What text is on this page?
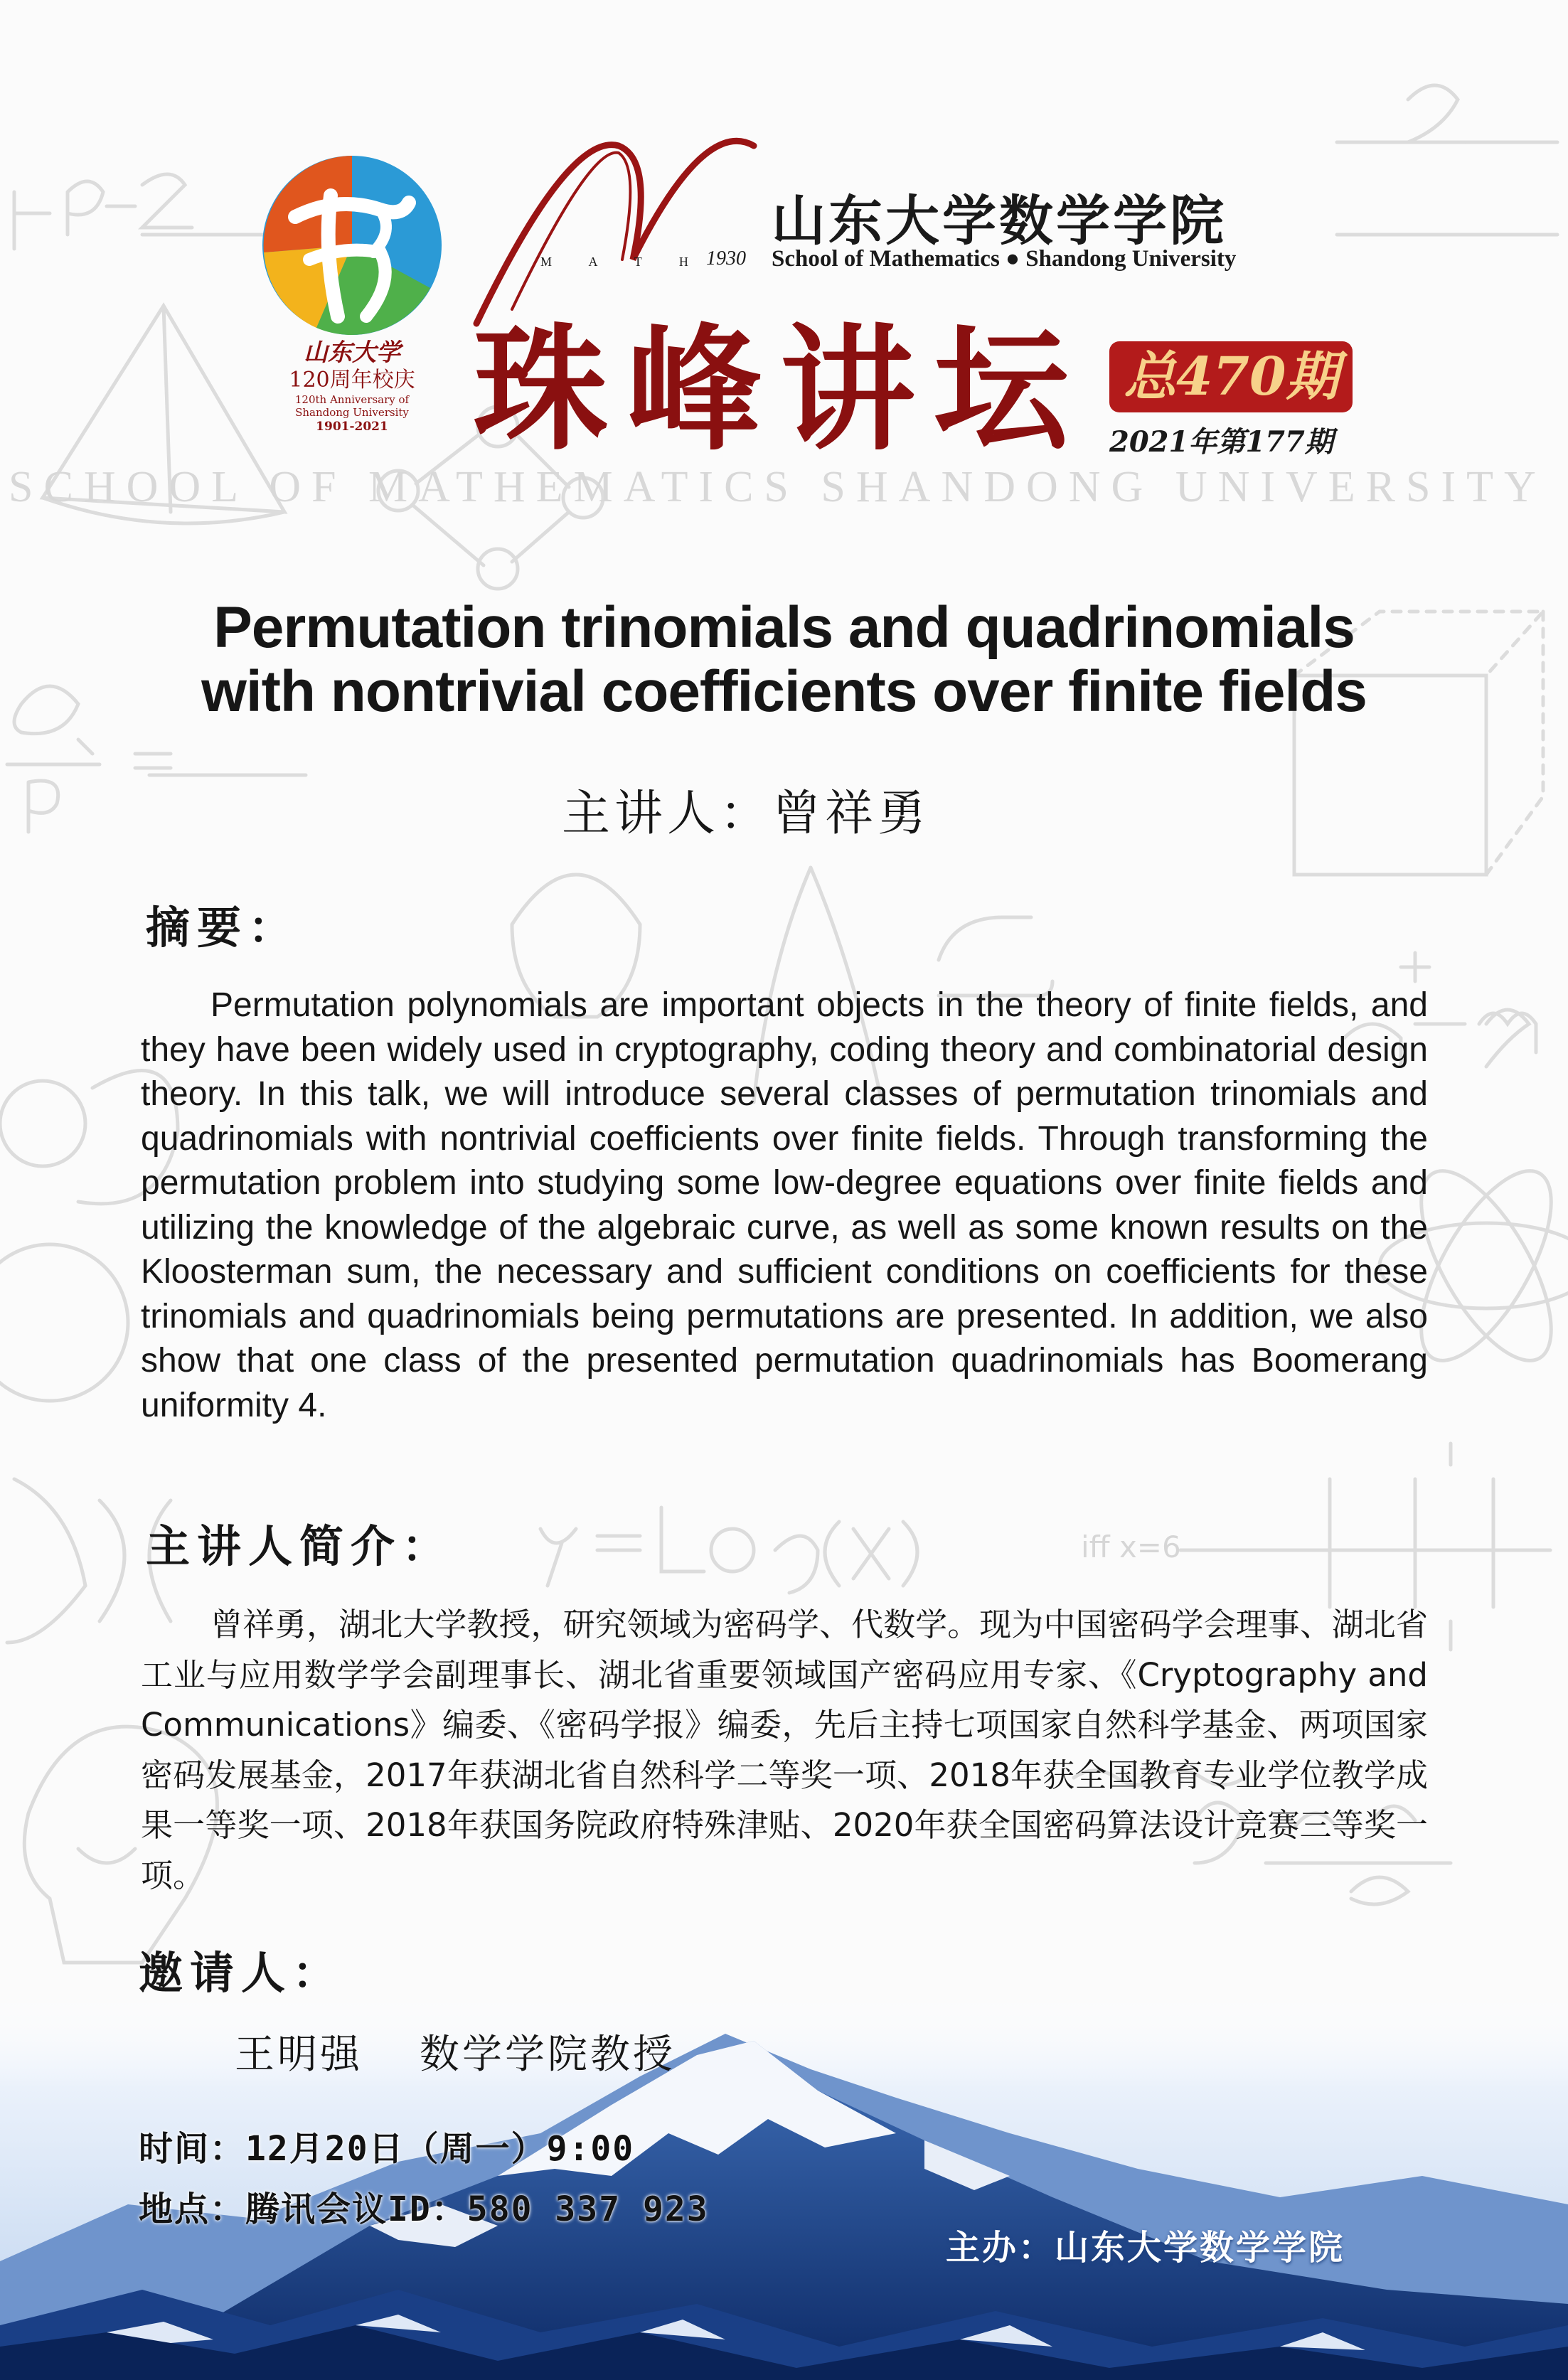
iff x=6
山东大学
120周年校庆
120th Anniversary of
Shandong University
1901-2021
M A T H 1930
山东大学数学学院
School of Mathematics ● Shandong University
珠峰讲坛 总470期
2021年第177期
SCHOOL OF MATHEMATICS SHANDONG UNIVERSITY
Permutation trinomials and quadrinomials
with nontrivial coefficients over finite fields
主讲人：曾祥勇
摘要：
Permutation polynomials are important objects in the theory of finite fields, and they have been widely used in cryptography, coding theory and combinatorial design theory. In this talk, we will introduce several classes of permutation trinomials and quadrinomials with nontrivial coefficients over finite fields. Through transforming the permutation problem into studying some low-degree equations over finite fields and utilizing the knowledge of the algebraic curve, as well as some known results on the Kloosterman sum, the necessary and sufficient conditions on coefficients for these trinomials and quadrinomials being permutations are presented. In addition, we also show that one class of the presented permutation quadrinomials has Boomerang uniformity 4.
主讲人简介：
曾祥勇，湖北大学教授，研究领域为密码学、代数学。现为中国密码学会理事、湖北省工业与应用数学学会副理事长、湖北省重要领域国产密码应用专家、《Cryptography and Communications》编委、《密码学报》编委，先后主持七项国家自然科学基金、两项国家密码发展基金，2017年获湖北省自然科学二等奖一项、2018年获全国教育专业学位教学成果一等奖一项、2018年获国务院政府特殊津贴、2020年获全国密码算法设计竞赛三等奖一项。
邀请人：
王明强 数学学院教授
时间：12月20日（周一）9:00
地点：腾讯会议ID：580 337 923
主办：山东大学数学学院
